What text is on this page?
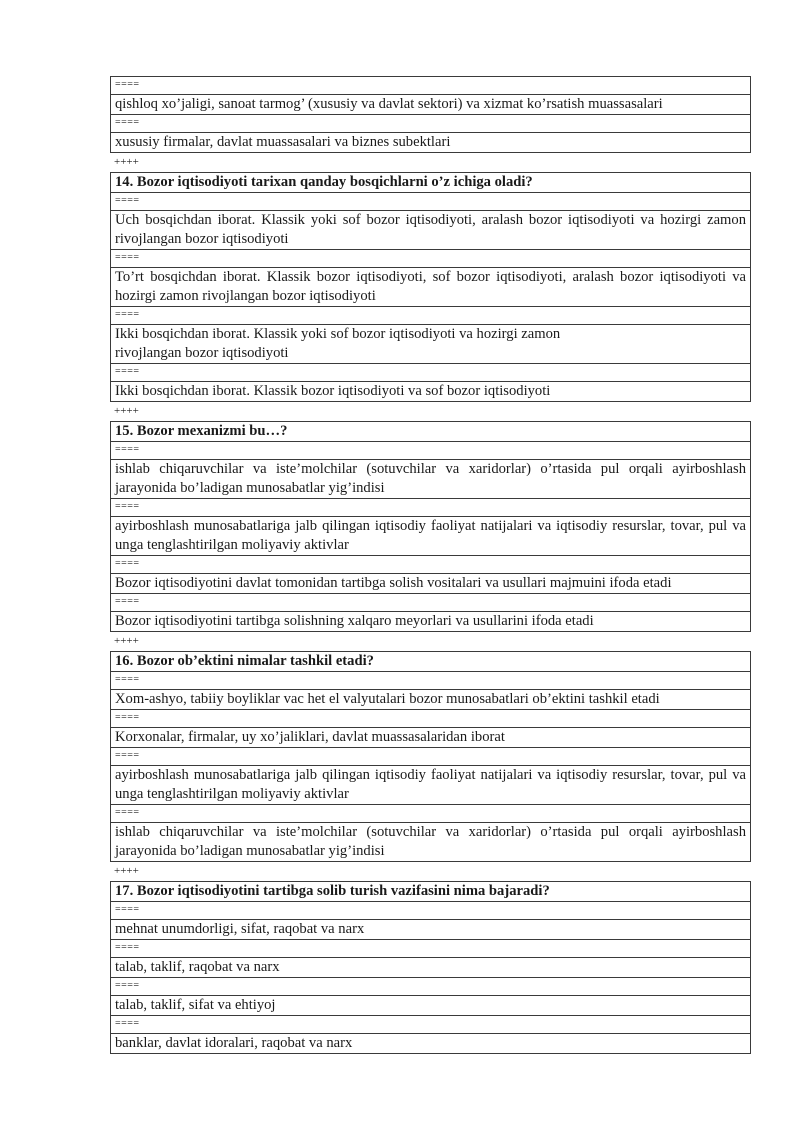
====
qishloq xo’jaligi, sanoat tarmog’ (xususiy va davlat sektori) va xizmat ko’rsatish muassasalari
====
xususiy firmalar, davlat muassasalari va biznes subektlari
++++
14. Bozor iqtisodiyoti tarixan qanday bosqichlarni o’z ichiga oladi?
====
Uch bosqichdan iborat. Klassik yoki sof bozor iqtisodiyoti, aralash bozor iqtisodiyoti va hozirgi zamon rivojlangan bozor iqtisodiyoti
====
To’rt bosqichdan iborat. Klassik bozor iqtisodiyoti, sof bozor iqtisodiyoti, aralash bozor iqtisodiyoti va hozirgi zamon rivojlangan bozor iqtisodiyoti
====
Ikki bosqichdan iborat. Klassik yoki sof bozor iqtisodiyoti va hozirgi zamon
rivojlangan bozor iqtisodiyoti
====
Ikki bosqichdan iborat. Klassik bozor iqtisodiyoti va sof bozor iqtisodiyoti
++++
15. Bozor mexanizmi bu…?
====
ishlab chiqaruvchilar va iste’molchilar (sotuvchilar va xaridorlar) o’rtasida pul orqali ayirboshlash jarayonida bo’ladigan munosabatlar yig’indisi
====
ayirboshlash munosabatlariga jalb qilingan iqtisodiy faoliyat natijalari va iqtisodiy resurslar, tovar, pul va unga tenglashtirilgan moliyaviy aktivlar
====
Bozor iqtisodiyotini davlat tomonidan tartibga solish vositalari va usullari majmuini ifoda etadi
====
Bozor iqtisodiyotini tartibga solishning xalqaro meyorlari va usullarini ifoda etadi
++++
16. Bozor ob’ektini nimalar tashkil etadi?
====
Xom-ashyo, tabiiy boyliklar vac het el valyutalari bozor munosabatlari ob’ektini tashkil etadi
====
Korxonalar, firmalar, uy xo’jaliklari, davlat muassasalaridan iborat
====
ayirboshlash munosabatlariga jalb qilingan iqtisodiy faoliyat natijalari va iqtisodiy resurslar, tovar, pul va unga tenglashtirilgan moliyaviy aktivlar
====
ishlab chiqaruvchilar va iste’molchilar (sotuvchilar va xaridorlar) o’rtasida pul orqali ayirboshlash jarayonida bo’ladigan munosabatlar yig’indisi
++++
17. Bozor iqtisodiyotini tartibga solib turish vazifasini nima bajaradi?
====
mehnat unumdorligi, sifat, raqobat va narx
====
talab, taklif, raqobat va narx
====
talab, taklif, sifat va ehtiyoj
====
banklar, davlat idoralari, raqobat va narx
